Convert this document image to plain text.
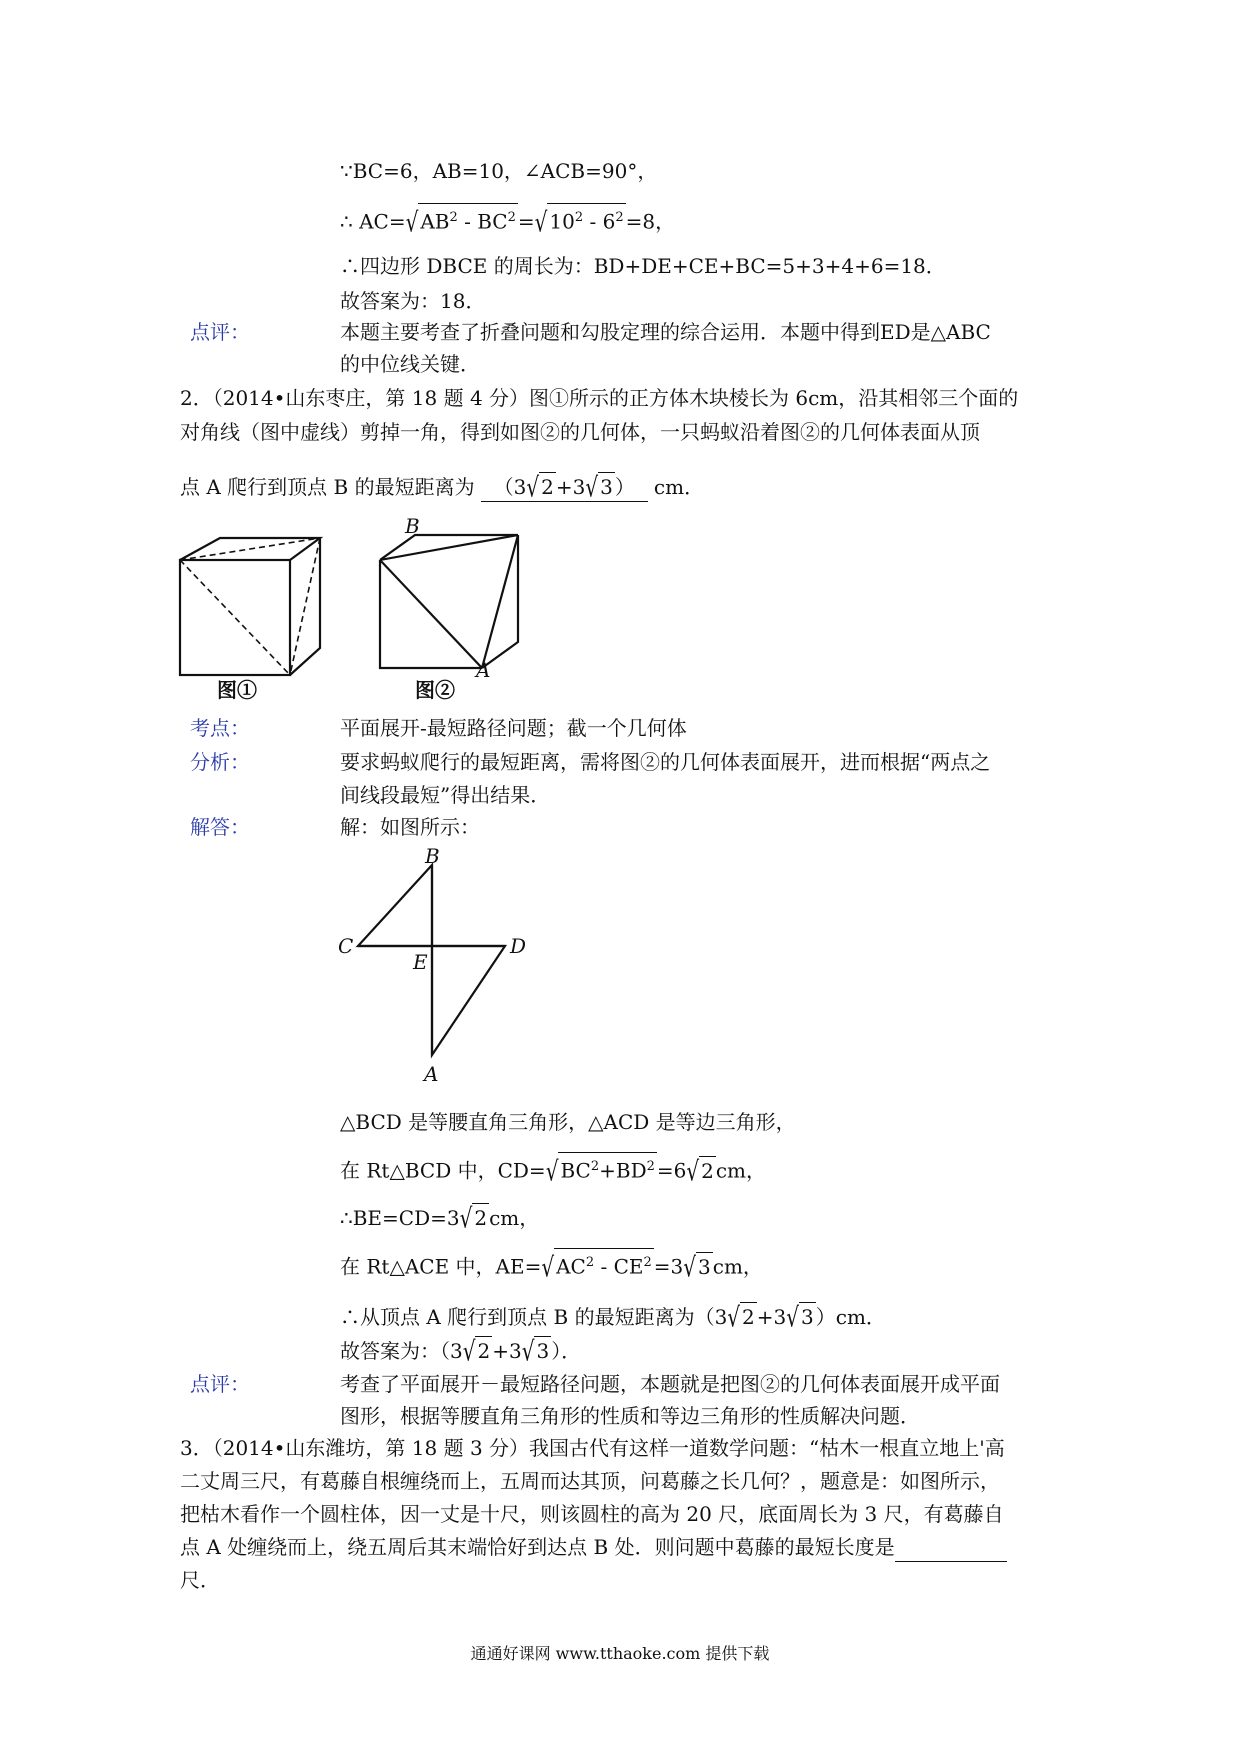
∵BC=6，AB=10，∠ACB=90°，
∴ AC=√ $AB^2 - BC^2$ =√ $10^2 - 6^2 =8$，
∴四边形 DBCE 的周长为：BD+DE+CE+BC=5+3+4+6=18．
故答案为：18．
点评：	本题主要考查了折叠问题和勾股定理的综合运用．本题中得到ED是△ABC
的中位线关键．
2．（2014•山东枣庄，第 18 题 4 分）图①所示的正方体木块棱长为 6cm，沿其相邻三个面的
对角线（图中虚线）剪掉一角，得到如图②的几何体，一只蚂蚁沿着图②的几何体表面从顶
点 A 爬行到顶点 B 的最短距离为 （3√ 2 +3√ 3 ） cm．
图①
B
A
图②
考点：	平面展开-最短路径问题；截一个几何体
分析：	要求蚂蚁爬行的最短距离，需将图②的几何体表面展开，进而根据“两点之
间线段最短”得出结果．
解答：	解：如图所示：
B
C	D
E
A
△BCD 是等腰直角三角形，△ACD 是等边三角形，
在 Rt△BCD 中，CD=√ $BC^2+BD^2 =6√$ 2 cm，
∴BE=CD=3√ 2 cm，
在 Rt△ACE 中，AE=√ $AC^2 - CE^2 =3√$ 3 cm，
∴从顶点 A 爬行到顶点 B 的最短距离为（3√ 2 +3√ 3 ）cm．
故答案为：（3√ 2 +3√ 3 ）．
点评：	考查了平面展开－最短路径问题，本题就是把图②的几何体表面展开成平面
图形，根据等腰直角三角形的性质和等边三角形的性质解决问题．
3．（2014•山东潍坊，第 18 题 3 分）我国古代有这样一道数学问题：“枯木一根直立地上'高
二丈周三尺，有葛藤自根缠绕而上，五周而达其顶，问葛藤之长几何？，题意是：如图所示，
把枯木看作一个圆柱体，因一丈是十尺，则该圆柱的高为 20 尺，底面周长为 3 尺，有葛藤自
点 A 处缠绕而上，绕五周后其末端恰好到达点 B 处．则问题中葛藤的最短长度是
尺．
通通好课网 www.tthaoke.com 提供下载
